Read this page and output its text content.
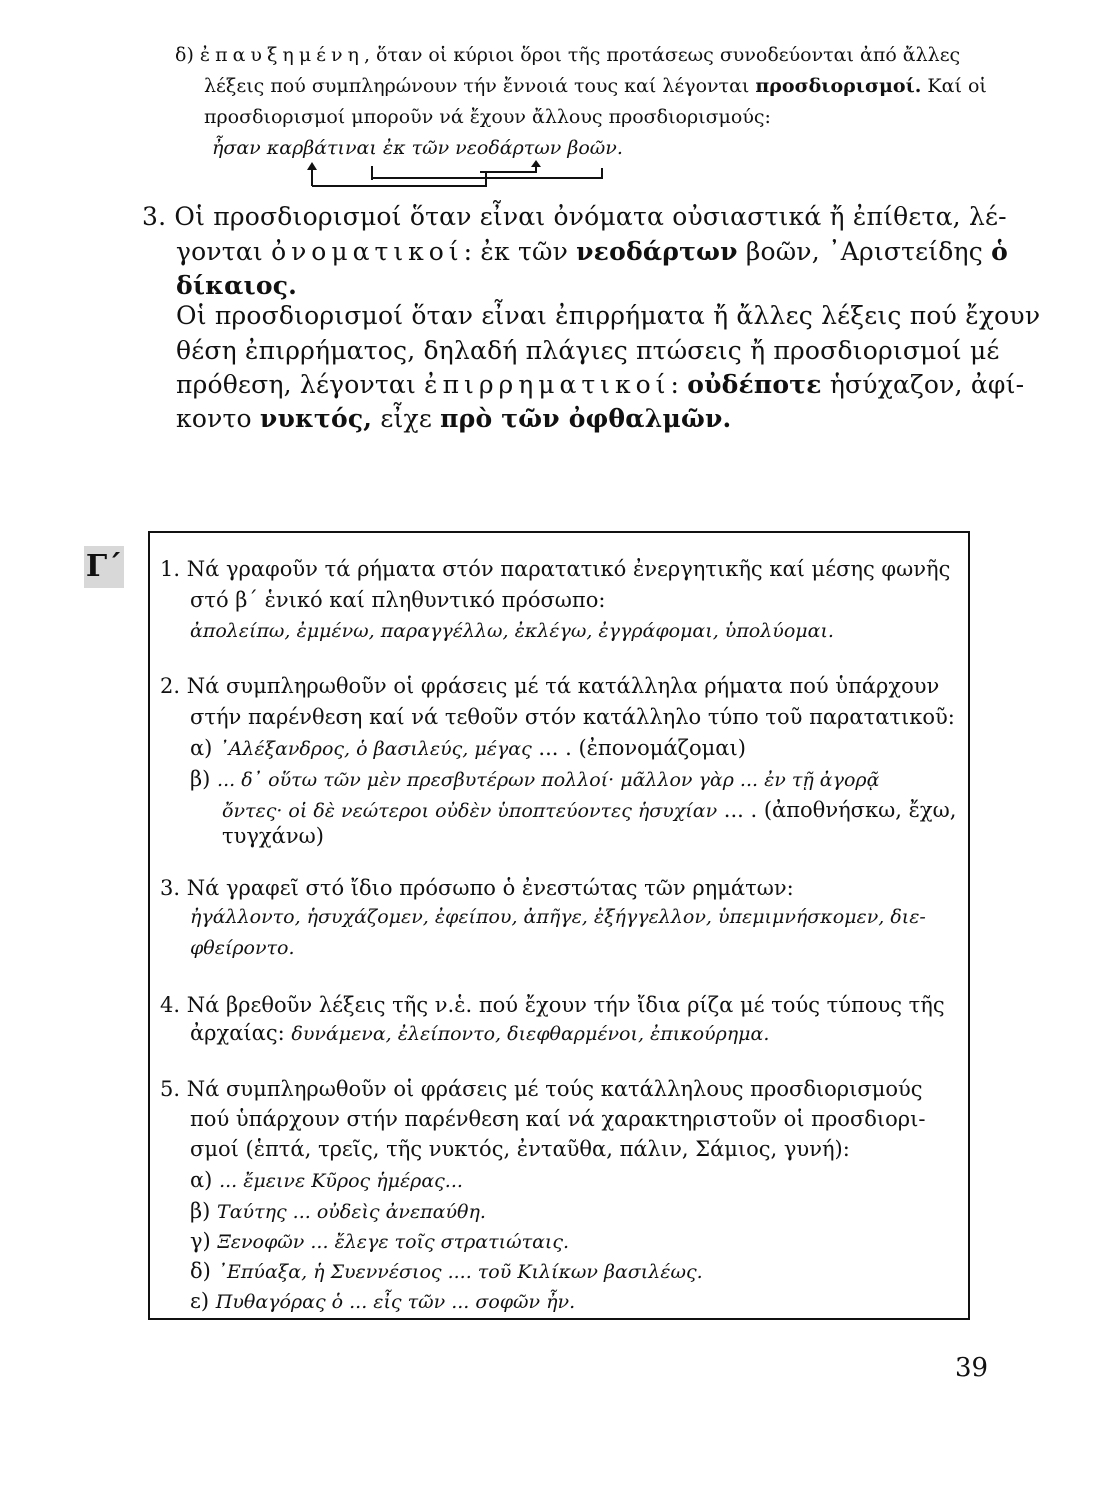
δ) ἐπαυξημένη, ὅταν οἱ κύριοι ὅροι τῆς προτάσεως συνοδεύονται ἀπό ἄλλες
λέξεις πού συμπληρώνουν τήν ἔννοιά τους καί λέγονται προσδιορισμοί. Καί οἱ
προσδιορισμοί μποροῦν νά ἔχουν ἄλλους προσδιορισμούς:
ἦσαν καρβάτιναι ἐκ τῶν νεοδάρτων βοῶν.
3. Οἱ προσδιορισμοί ὅταν εἶναι ὀνόματα οὐσιαστικά ἤ ἐπίθετα, λέ-
γονται ὀνοματικοί: ἐκ τῶν νεοδάρτων βοῶν, ᾿Αριστείδης ὁ
δίκαιος.
Οἱ προσδιορισμοί ὅταν εἶναι ἐπιρρήματα ἤ ἄλλες λέξεις πού ἔχουν
θέση ἐπιρρήματος, δηλαδή πλάγιες πτώσεις ἤ προσδιορισμοί μέ
πρόθεση, λέγονται ἐπιρρηματικοί: οὐδέποτε ἡσύχαζον, ἀφί-
κοντο νυκτός, εἶχε πρὸ τῶν ὀφθαλμῶν.
Γ΄ 1. Νά γραφοῦν τά ρήματα στόν παρατατικό ἐνεργητικῆς καί μέσης φωνῆς
στό β΄ ἑνικό καί πληθυντικό πρόσωπο:
ἀπολείπω, ἐμμένω, παραγγέλλω, ἐκλέγω, ἐγγράφομαι, ὑπολύομαι.
2. Νά συμπληρωθοῦν οἱ φράσεις μέ τά κατάλληλα ρήματα πού ὑπάρχουν
στήν παρένθεση καί νά τεθοῦν στόν κατάλληλο τύπο τοῦ παρατατικοῦ:
α) ᾿Αλέξανδρος, ὁ βασιλεύς, μέγας ... . (ἐπονομάζομαι)
β) ... δ᾿ οὕτω τῶν μὲν πρεσβυτέρων πολλοί· μᾶλλον γὰρ ... ἐν τῇ ἀγορᾷ
ὄντες· οἱ δὲ νεώτεροι οὐδὲν ὑποπτεύοντες ἡσυχίαν ... . (ἀποθνήσκω, ἔχω,
τυγχάνω)
3. Νά γραφεῖ στό ἴδιο πρόσωπο ὁ ἐνεστώτας τῶν ρημάτων:
ἠγάλλοντο, ἡσυχάζομεν, ἐφείπου, ἀπῆγε, ἐξήγγελλον, ὑπεμιμνήσκομεν, διε-
φθείροντο.
4. Νά βρεθοῦν λέξεις τῆς ν.ἑ. πού ἔχουν τήν ἴδια ρίζα μέ τούς τύπους τῆς
ἀρχαίας: δυνάμενα, ἐλείποντο, διεφθαρμένοι, ἐπικούρημα.
5. Νά συμπληρωθοῦν οἱ φράσεις μέ τούς κατάλληλους προσδιορισμούς
πού ὑπάρχουν στήν παρένθεση καί νά χαρακτηριστοῦν οἱ προσδιορι-
σμοί (ἑπτά, τρεῖς, τῆς νυκτός, ἐνταῦθα, πάλιν, Σάμιος, γυνή):
α) ... ἔμεινε Κῦρος ἡμέρας...
β) Ταύτης ... οὐδεὶς ἀνεπαύθη.
γ) Ξενοφῶν ... ἔλεγε τοῖς στρατιώταις.
δ) ᾿Επύαξα, ἡ Συεννέσιος .... τοῦ Κιλίκων βασιλέως.
ε) Πυθαγόρας ὁ ... εἶς τῶν ... σοφῶν ἦν.
39
